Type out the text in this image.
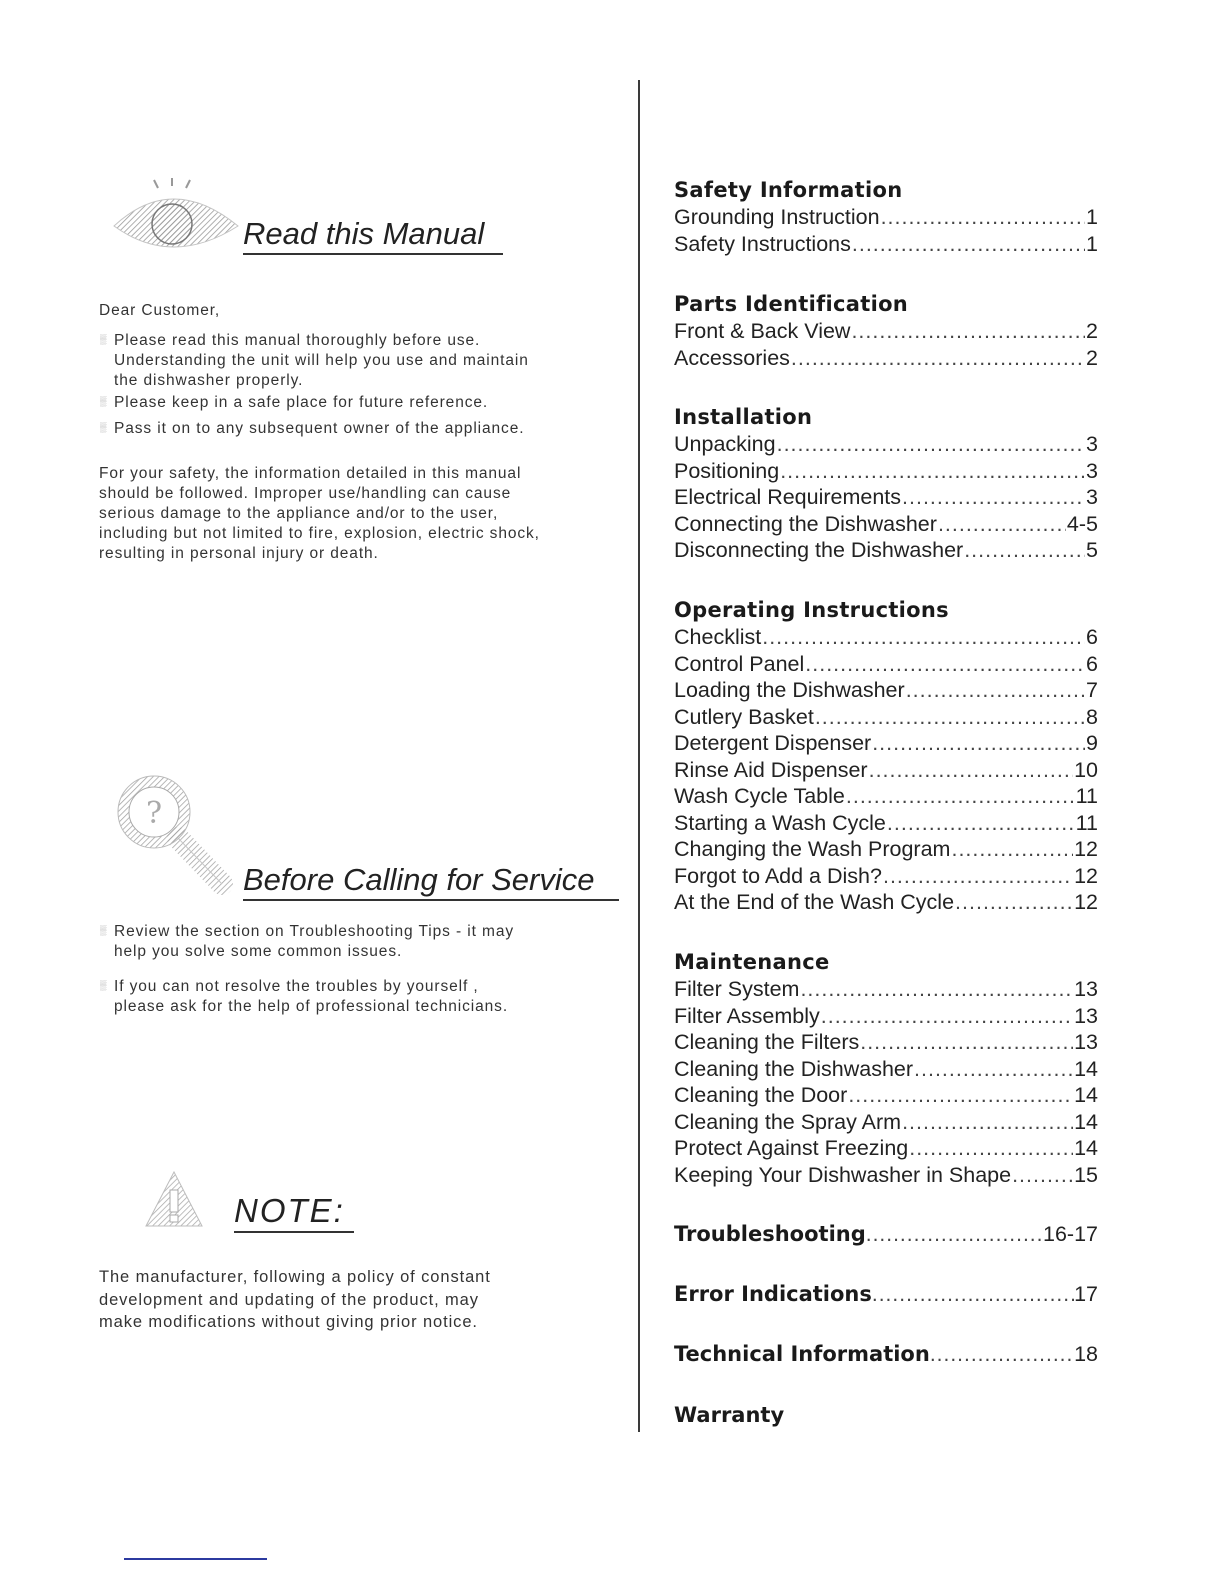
Read this Manual
Dear Customer,
▒ Please read this manual thoroughly before use.
Understanding the unit will help you use and maintain
the dishwasher properly.
▒ Please keep in a safe place for future reference.
▒ Pass it on to any subsequent owner of the appliance.
For your safety, the information detailed in this manual
should be followed. Improper use/handling can cause
serious damage to the appliance and/or to the user,
including but not limited to fire, explosion, electric shock,
resulting in personal injury or death.
?
Before Calling for Service
▒ Review the section on Troubleshooting Tips - it may
help you solve some common issues.
▒ If you can not resolve the troubles by yourself ,
please ask for the help of professional technicians.
NOTE:
The manufacturer, following a policy of constant
development and updating of the product, may
make modifications without giving prior notice.
Safety Information
Grounding Instruction .....	1
Safety Instructions .....	1
Parts Identification
Front & Back View .....	2
Accessories .....	2
Installation
Unpacking .....	3
Positioning .....	3
Electrical Requirements .....	3
Connecting the Dishwasher .....	4-5
Disconnecting the Dishwasher .....	5
Operating Instructions
Checklist .....	6
Control Panel .....	6
Loading the Dishwasher .....	7
Cutlery Basket .....	8
Detergent Dispenser .....	9
Rinse Aid Dispenser .....	10
Wash Cycle Table .....	11
Starting a Wash Cycle .....	11
Changing the Wash Program .....	12
Forgot to Add a Dish? .....	12
At the End of the Wash Cycle .....	12
Maintenance
Filter System .....	13
Filter Assembly .....	13
Cleaning the Filters .....	13
Cleaning the Dishwasher .....	14
Cleaning the Door .....	14
Cleaning the Spray Arm .....	14
Protect Against Freezing .....	14
Keeping Your Dishwasher in Shape .....	15
Troubleshooting .....	16-17
Error Indications .....	17
Technical Information .....	18
Warranty
